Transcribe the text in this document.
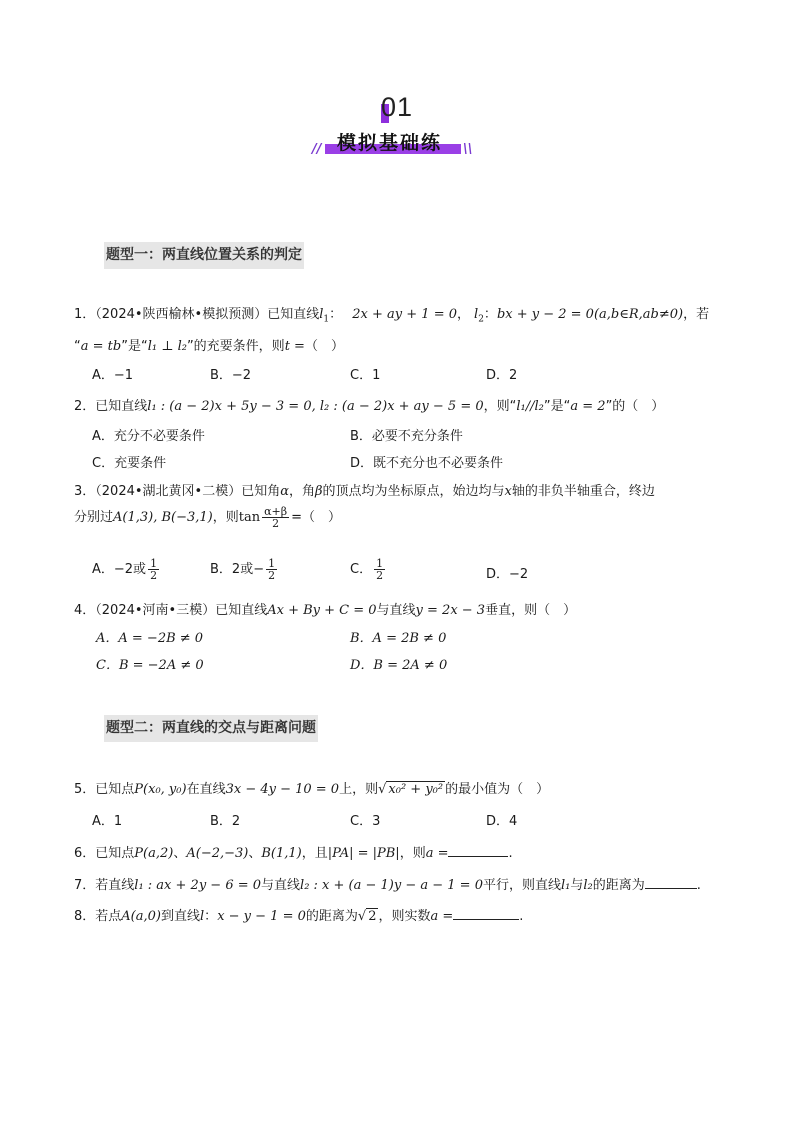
01
// 模拟基础练 \\
题型一：两直线位置关系的判定
1．（2024•陕西榆林•模拟预测）已知直线$l_1$： 2x + ay + 1 = 0， $l_2$：bx + y − 2 = 0(a,b∈R,ab≠0)，若
“a = tb”是“l₁ ⊥ l₂”的充要条件，则t =（　）
A．−1	B．−2	C．1	D．2
2．已知直线l₁ : (a − 2)x + 5y − 3 = 0, l₂ : (a − 2)x + ay − 5 = 0，则“l₁//l₂”是“a = 2”的（　）
A．充分不必要条件	B．必要不充分条件
C．充要条件	D．既不充分也不必要条件
3．（2024•湖北黄冈•二模）已知角α，角β的顶点均为坐标原点，始边均与x轴的非负半轴重合，终边
分别过A(1,3), B(−3,1)，则$\tan \frac{\alpha+\beta}{2}$ =（　）
A．−2或 $\frac{1}{2}$	B．2或− $\frac{1}{2}$	C． $\frac{1}{2}$	D．−2
4．（2024•河南•三模）已知直线Ax + By + C = 0与直线y = 2x − 3垂直，则（　）
A．A = −2B ≠ 0	B．A = 2B ≠ 0
C．B = −2A ≠ 0	D．B = 2A ≠ 0
题型二：两直线的交点与距离问题
5．已知点P(x₀, y₀)在直线3x − 4y − 10 = 0上，则√ x₀² + y₀² 的最小值为（　）
A．1	B．2	C．3	D．4
6．已知点P(a,2)、A(−2,−3)、B(1,1)，且|PA| = |PB|，则a =	.
7．若直线l₁ : ax + 2y − 6 = 0与直线l₂ : x + (a − 1)y − a − 1 = 0平行，则直线l₁与l₂的距离为	.
8．若点A(a,0)到直线l：x − y − 1 = 0的距离为√ 2 ，则实数a =	.
